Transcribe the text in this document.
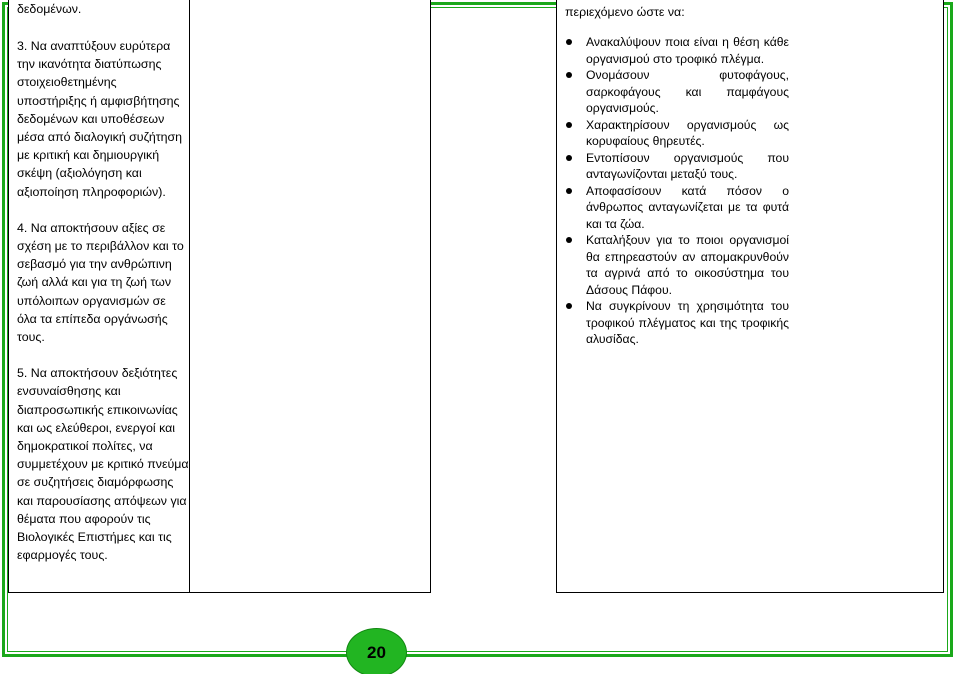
δεδομένων.

3. Να αναπτύξουν ευρύτερα την ικανότητα διατύπωσης στοιχειοθετημένης υποστήριξης ή αμφισβήτησης δεδομένων και υποθέσεων μέσα από διαλογική συζήτηση με κριτική και δημιουργική σκέψη (αξιολόγηση και αξιοποίηση πληροφοριών).

4. Να αποκτήσουν αξίες σε σχέση με το περιβάλλον και το σεβασμό για την ανθρώπινη ζωή αλλά και για τη ζωή των υπόλοιπων οργανισμών σε όλα τα επίπεδα οργάνωσής τους.

5. Να αποκτήσουν δεξιότητες ενσυναίσθησης και διαπροσωπικής επικοινωνίας και ως ελεύθεροι, ενεργοί και δημοκρατικοί πολίτες, να συμμετέχουν με κριτικό πνεύμα σε συζητήσεις διαμόρφωσης και παρουσίασης απόψεων για θέματα που αφορούν τις Βιολογικές Επιστήμες και τις εφαρμογές τους.

περιεχόμενο ώστε να:
Ανακαλύψουν ποια είναι η θέση κάθε οργανισμού στο τροφικό πλέγμα.
Ονομάσουν φυτοφάγους, σαρκοφάγους και παμφάγους οργανισμούς.
Χαρακτηρίσουν οργανισμούς ως κορυφαίους θηρευτές.
Εντοπίσουν οργανισμούς που ανταγωνίζονται μεταξύ τους.
Αποφασίσουν κατά πόσον ο άνθρωπος ανταγωνίζεται με τα φυτά και τα ζώα.
Καταλήξουν για το ποιοι οργανισμοί θα επηρεαστούν αν απομακρυνθούν τα αγρινά από το οικοσύστημα του Δάσους Πάφου.
Να συγκρίνουν τη χρησιμότητα του τροφικού πλέγματος και της τροφικής αλυσίδας.
20
